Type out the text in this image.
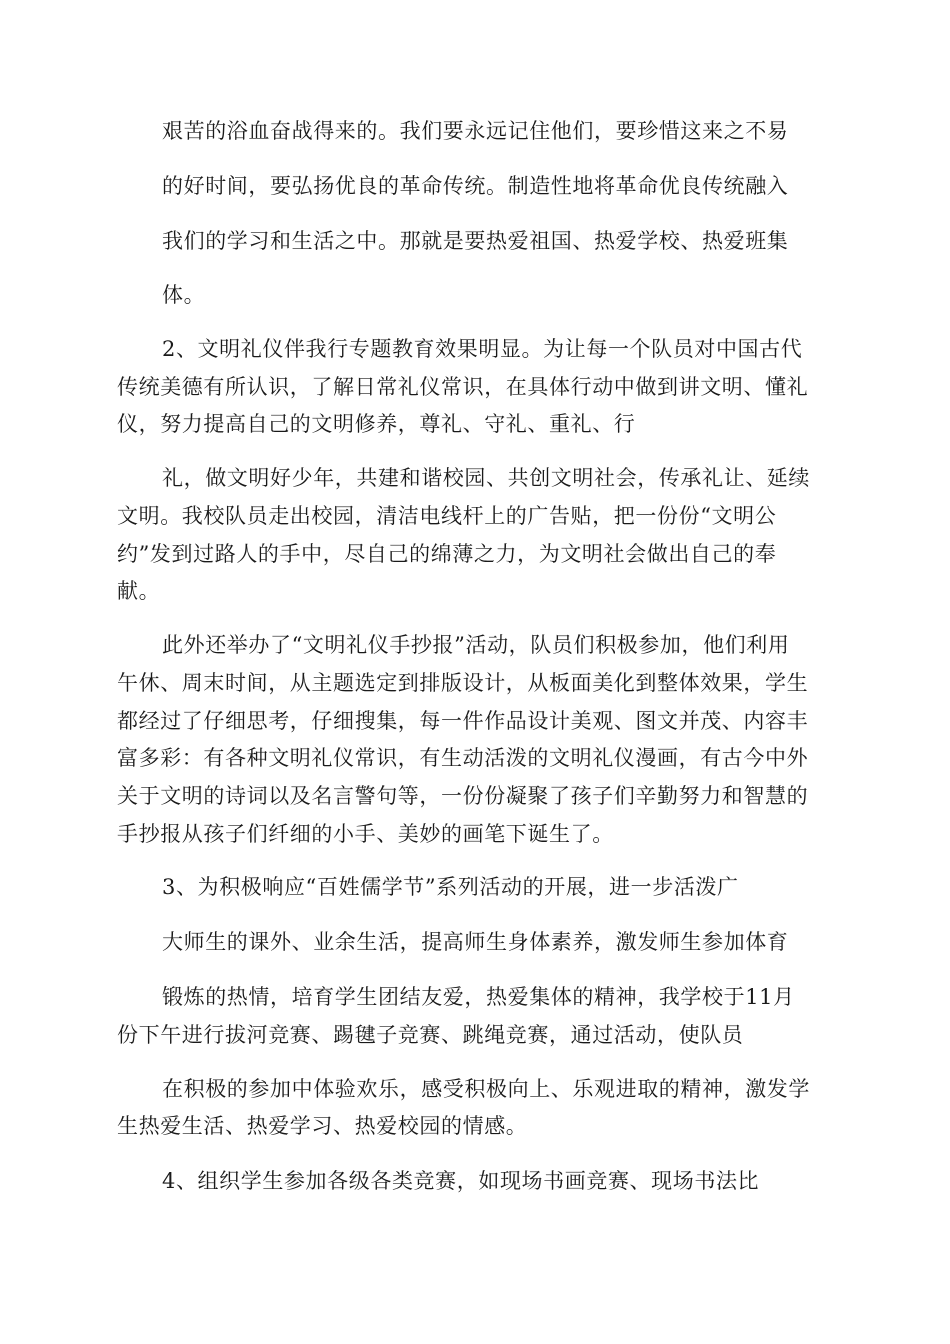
艰苦的浴血奋战得来的。我们要永远记住他们，要珍惜这来之不易

的好时间，要弘扬优良的革命传统。制造性地将革命优良传统融入

我们的学习和生活之中。那就是要热爱祖国、热爱学校、热爱班集

体。

2、文明礼仪伴我行专题教育效果明显。为让每一个队员对中国古代

传统美德有所认识，了解日常礼仪常识，在具体行动中做到讲文明、懂礼

仪，努力提高自己的文明修养，尊礼、守礼、重礼、行

礼，做文明好少年，共建和谐校园、共创文明社会，传承礼让、延续

文明。我校队员走出校园，清洁电线杆上的广告贴，把一份份“文明公

约”发到过路人的手中，尽自己的绵薄之力，为文明社会做出自己的奉

献。

此外还举办了“文明礼仪手抄报”活动，队员们积极参加，他们利用

午休、周末时间，从主题选定到排版设计，从板面美化到整体效果，学生

都经过了仔细思考，仔细搜集，每一件作品设计美观、图文并茂、内容丰

富多彩：有各种文明礼仪常识，有生动活泼的文明礼仪漫画，有古今中外

关于文明的诗词以及名言警句等，一份份凝聚了孩子们辛勤努力和智慧的

手抄报从孩子们纤细的小手、美妙的画笔下诞生了。

3、为积极响应“百姓儒学节”系列活动的开展，进一步活泼广

大师生的课外、业余生活，提高师生身体素养，激发师生参加体育

锻炼的热情，培育学生团结友爱，热爱集体的精神，我学校于11月

份下午进行拔河竞赛、踢毽子竞赛、跳绳竞赛，通过活动，使队员

在积极的参加中体验欢乐，感受积极向上、乐观进取的精神，激发学

生热爱生活、热爱学习、热爱校园的情感。

4、组织学生参加各级各类竞赛，如现场书画竞赛、现场书法比
